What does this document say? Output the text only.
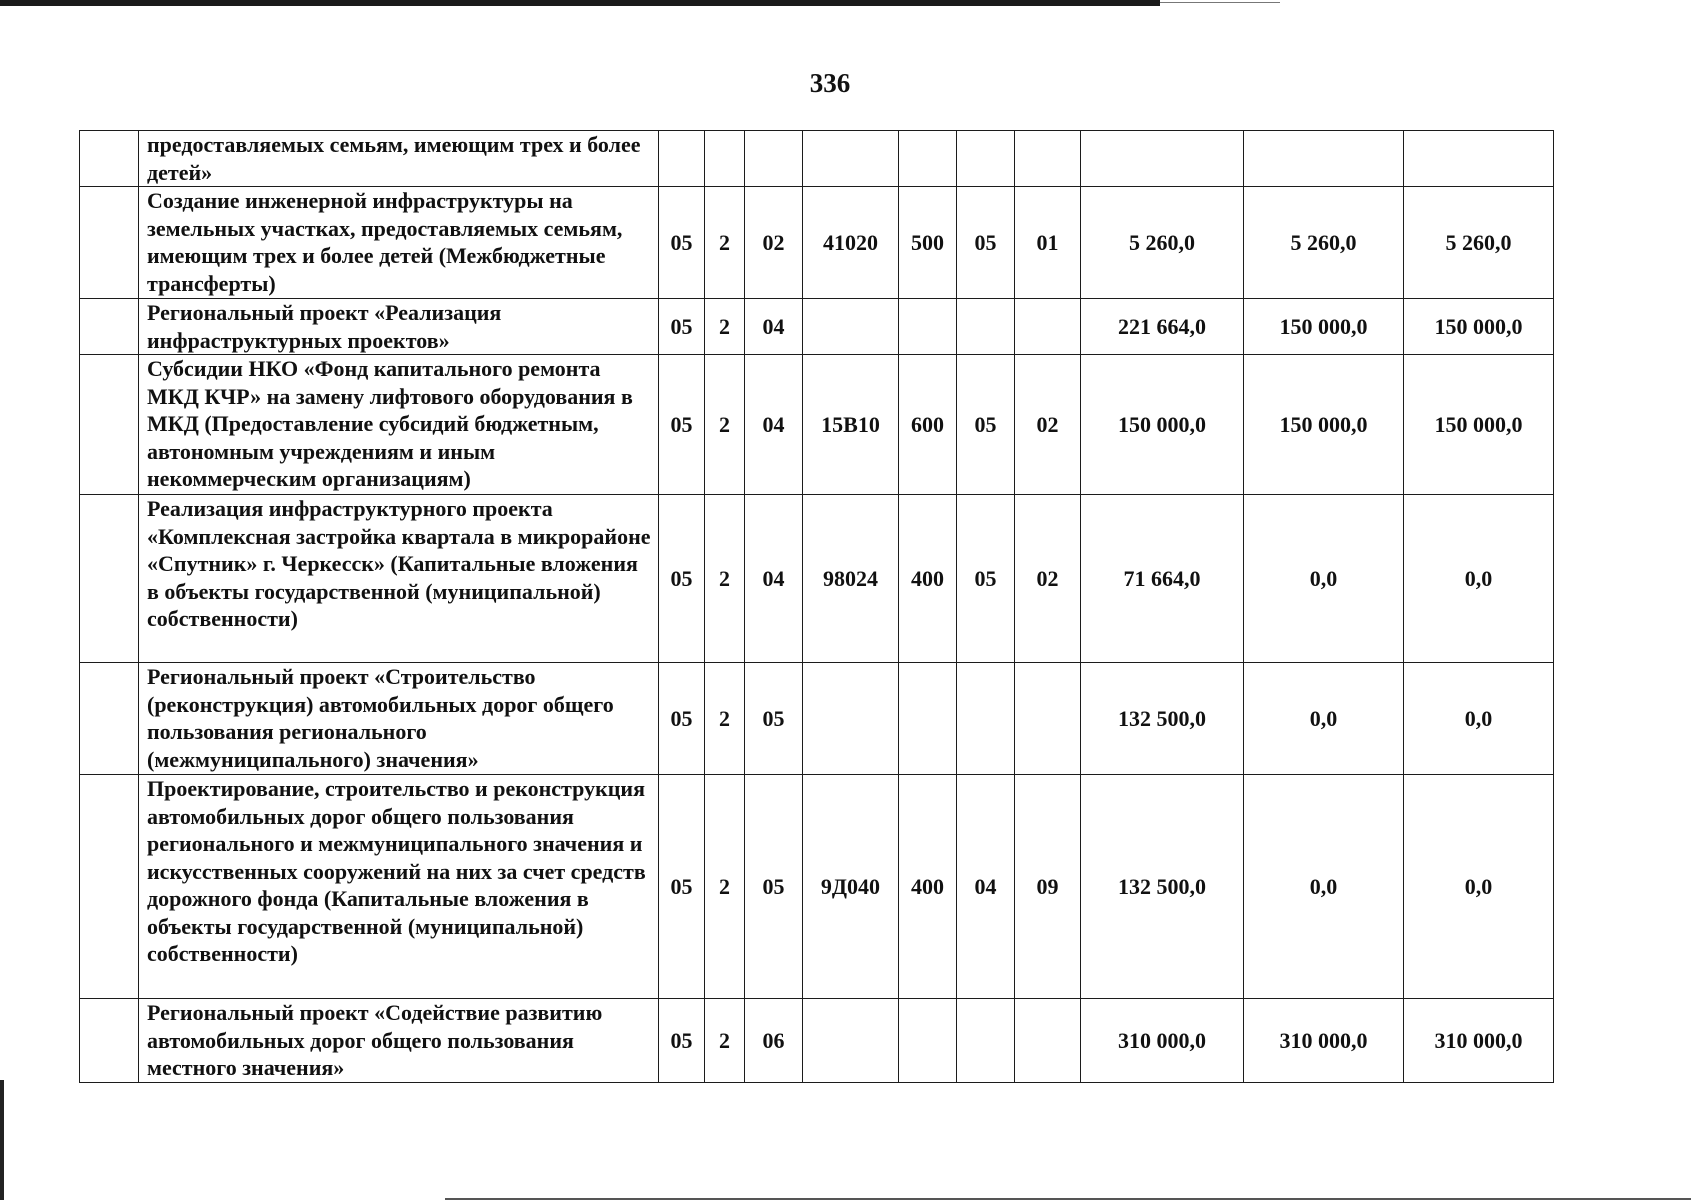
336
	предоставляемых семьям, имеющим трех и более детей»										
	Создание инженерной инфраструктуры на земельных участках, предоставляемых семьям, имеющим трех и более детей (Межбюджетные трансферты)	05	2	02	41020	500	05	01	5 260,0	5 260,0	5 260,0
	Региональный проект «Реализация инфраструктурных проектов»	05	2	04					221 664,0	150 000,0	150 000,0
	Субсидии НКО «Фонд капитального ремонта МКД КЧР» на замену лифтового оборудования в МКД (Предоставление субсидий бюджетным, автономным учреждениям и иным некоммерческим организациям)	05	2	04	15В10	600	05	02	150 000,0	150 000,0	150 000,0
	Реализация инфраструктурного проекта «Комплексная застройка квартала в микрорайоне «Спутник» г. Черкесск» (Капитальные вложения в объекты государственной (муниципальной) собственности)	05	2	04	98024	400	05	02	71 664,0	0,0	0,0
	Региональный проект «Строительство (реконструкция) автомобильных дорог общего пользования регионального (межмуниципального) значения»	05	2	05					132 500,0	0,0	0,0
	Проектирование, строительство и реконструкция автомобильных дорог общего пользования регионального и межмуниципального значения и искусственных сооружений на них за счет средств дорожного фонда (Капитальные вложения в объекты государственной (муниципальной) собственности)	05	2	05	9Д040	400	04	09	132 500,0	0,0	0,0
	Региональный проект «Содействие развитию автомобильных дорог общего пользования местного значения»	05	2	06					310 000,0	310 000,0	310 000,0
